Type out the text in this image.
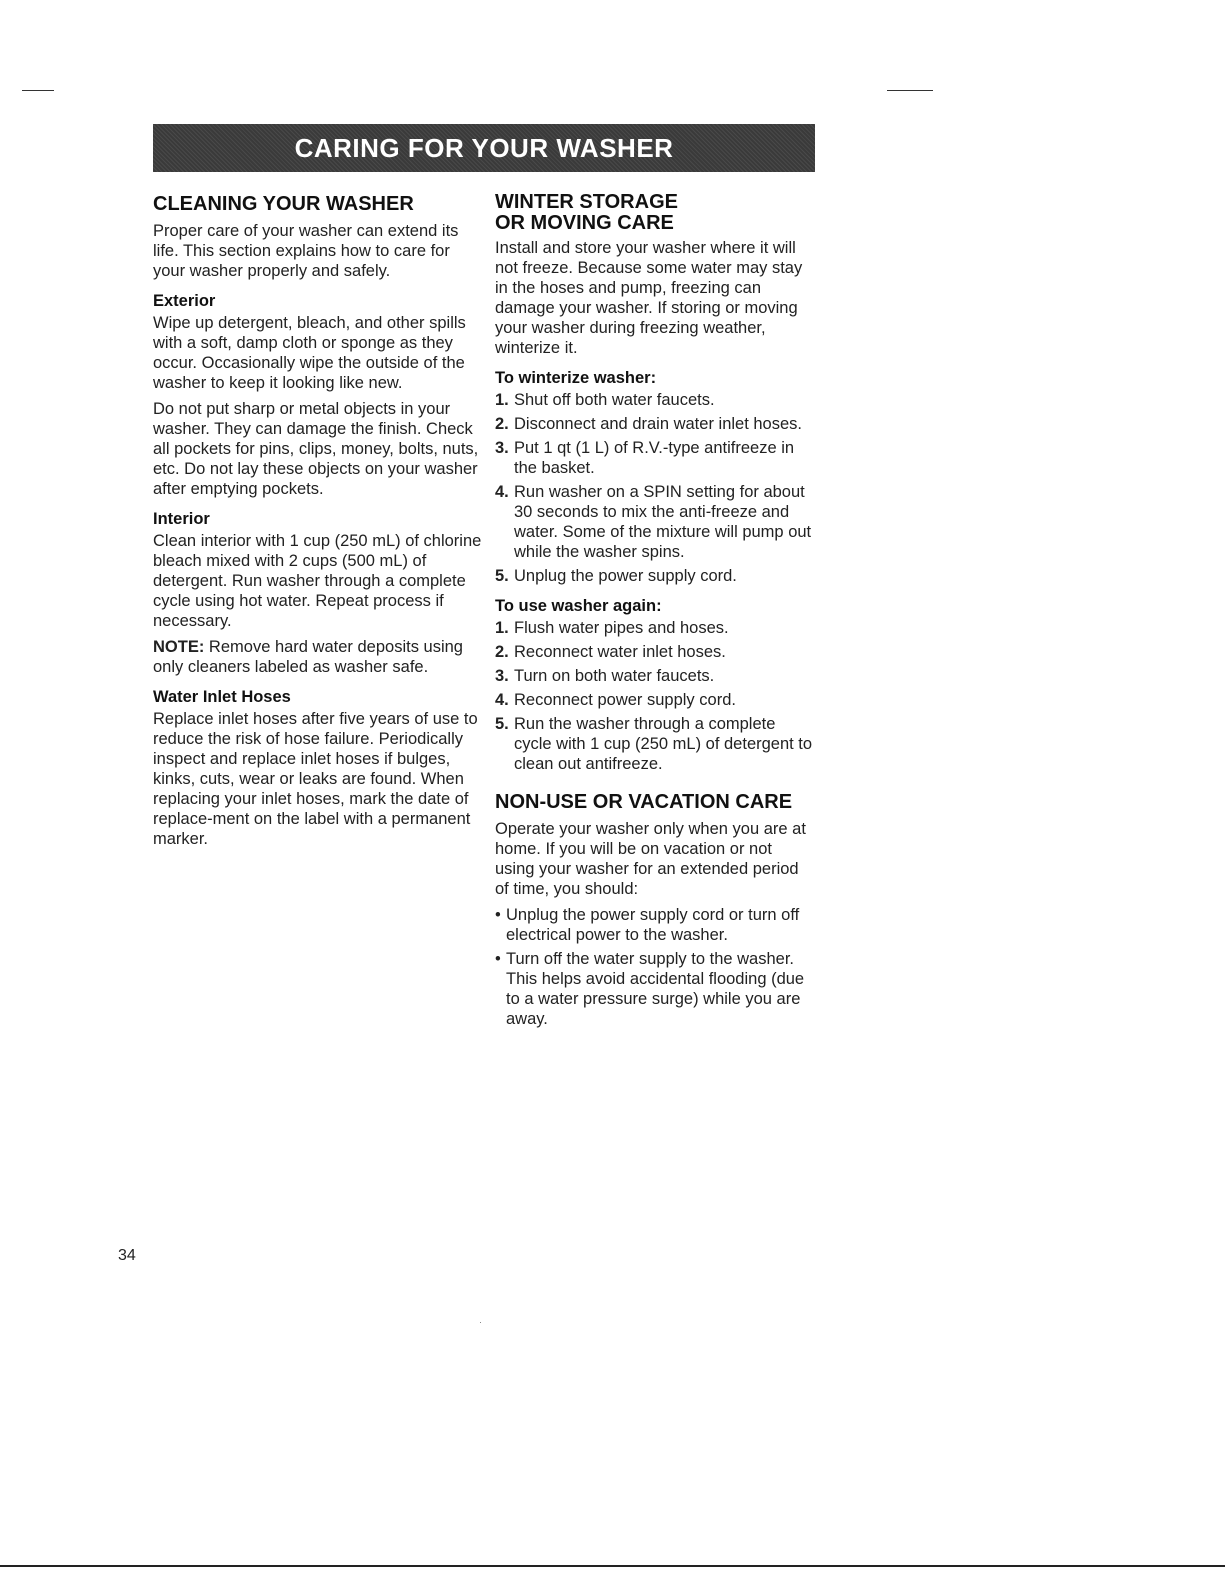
CARING FOR YOUR WASHER
CLEANING YOUR WASHER

Proper care of your washer can extend its life. This section explains how to care for your washer properly and safely.

Exterior

Wipe up detergent, bleach, and other spills with a soft, damp cloth or sponge as they occur. Occasionally wipe the outside of the washer to keep it looking like new.

Do not put sharp or metal objects in your washer. They can damage the finish. Check all pockets for pins, clips, money, bolts, nuts, etc. Do not lay these objects on your washer after emptying pockets.

Interior

Clean interior with 1 cup (250 mL) of chlorine bleach mixed with 2 cups (500 mL) of detergent. Run washer through a complete cycle using hot water. Repeat process if necessary.

NOTE: Remove hard water deposits using only cleaners labeled as washer safe.

Water Inlet Hoses

Replace inlet hoses after five years of use to reduce the risk of hose failure. Periodically inspect and replace inlet hoses if bulges, kinks, cuts, wear or leaks are found. When replacing your inlet hoses, mark the date of replace-ment on the label with a permanent marker.

WINTER STORAGE
OR MOVING CARE

Install and store your washer where it will not freeze. Because some water may stay in the hoses and pump, freezing can damage your washer. If storing or moving your washer during freezing weather, winterize it.

To winterize washer:
1. Shut off both water faucets.
2. Disconnect and drain water inlet hoses.
3. Put 1 qt (1 L) of R.V.-type antifreeze in the basket.
4. Run washer on a SPIN setting for about 30 seconds to mix the anti-freeze and water. Some of the mixture will pump out while the washer spins.
5. Unplug the power supply cord.
To use washer again:
1. Flush water pipes and hoses.
2. Reconnect water inlet hoses.
3. Turn on both water faucets.
4. Reconnect power supply cord.
5. Run the washer through a complete cycle with 1 cup (250 mL) of detergent to clean out antifreeze.
NON-USE OR VACATION CARE

Operate your washer only when you are at home. If you will be on vacation or not using your washer for an extended period of time, you should:

• Unplug the power supply cord or turn off electrical power to the washer.
• Turn off the water supply to the washer. This helps avoid accidental flooding (due to a water pressure surge) while you are away.
34
